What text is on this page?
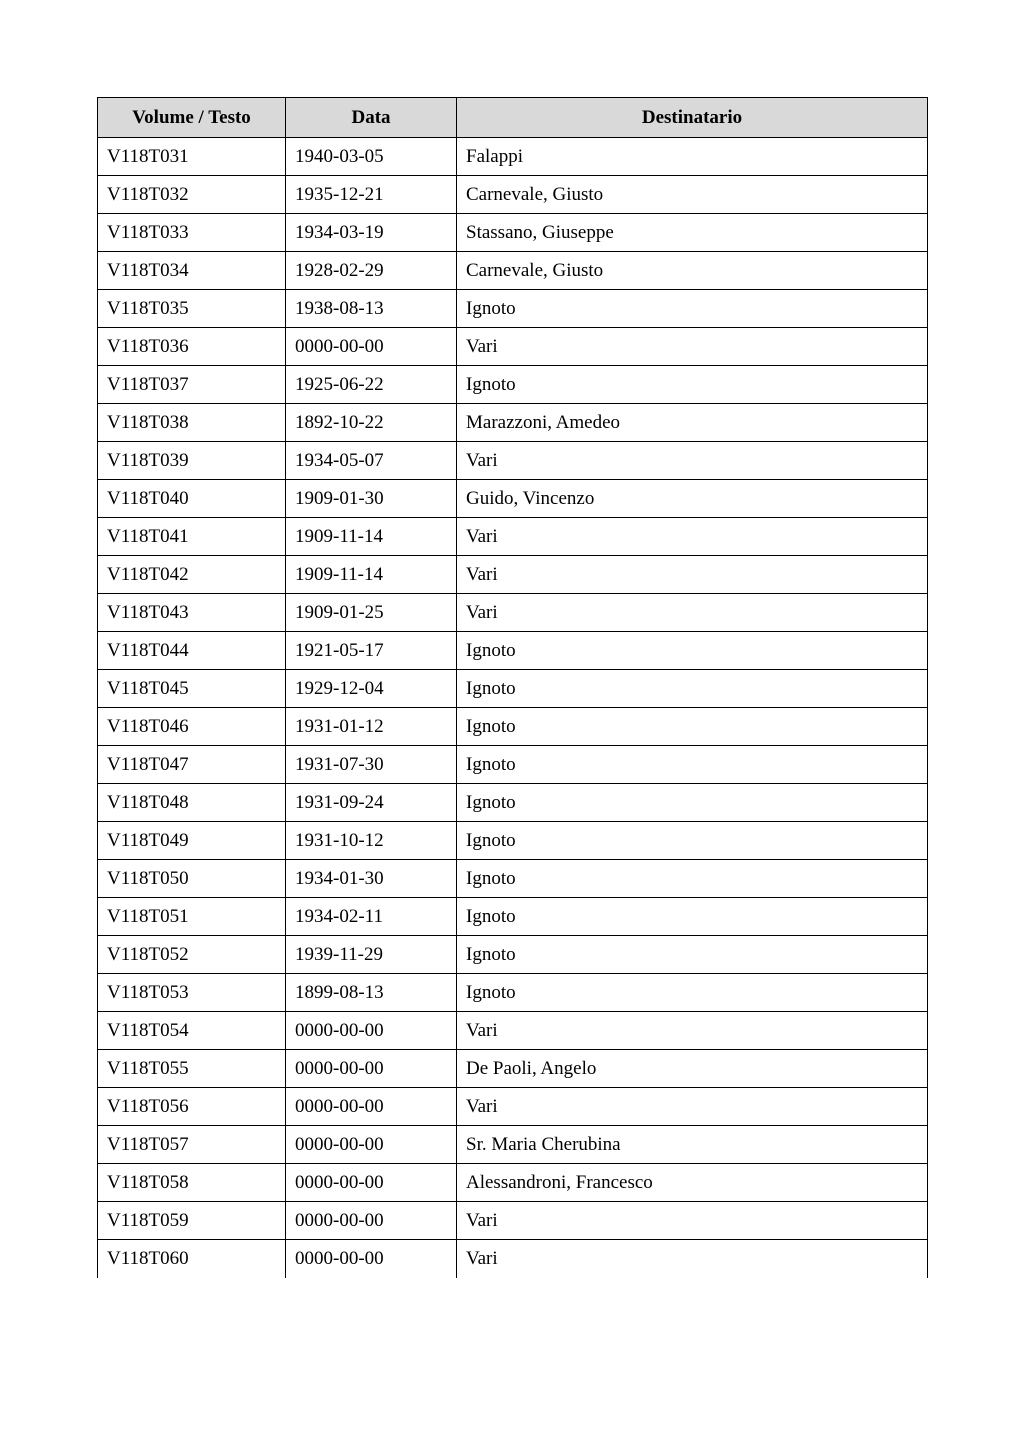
Volume / Testo	Data	Destinatario
V118T031	1940-03-05	Falappi
V118T032	1935-12-21	Carnevale, Giusto
V118T033	1934-03-19	Stassano, Giuseppe
V118T034	1928-02-29	Carnevale, Giusto
V118T035	1938-08-13	Ignoto
V118T036	0000-00-00	Vari
V118T037	1925-06-22	Ignoto
V118T038	1892-10-22	Marazzoni, Amedeo
V118T039	1934-05-07	Vari
V118T040	1909-01-30	Guido, Vincenzo
V118T041	1909-11-14	Vari
V118T042	1909-11-14	Vari
V118T043	1909-01-25	Vari
V118T044	1921-05-17	Ignoto
V118T045	1929-12-04	Ignoto
V118T046	1931-01-12	Ignoto
V118T047	1931-07-30	Ignoto
V118T048	1931-09-24	Ignoto
V118T049	1931-10-12	Ignoto
V118T050	1934-01-30	Ignoto
V118T051	1934-02-11	Ignoto
V118T052	1939-11-29	Ignoto
V118T053	1899-08-13	Ignoto
V118T054	0000-00-00	Vari
V118T055	0000-00-00	De Paoli, Angelo
V118T056	0000-00-00	Vari
V118T057	0000-00-00	Sr. Maria Cherubina
V118T058	0000-00-00	Alessandroni, Francesco
V118T059	0000-00-00	Vari
V118T060	0000-00-00	Vari
